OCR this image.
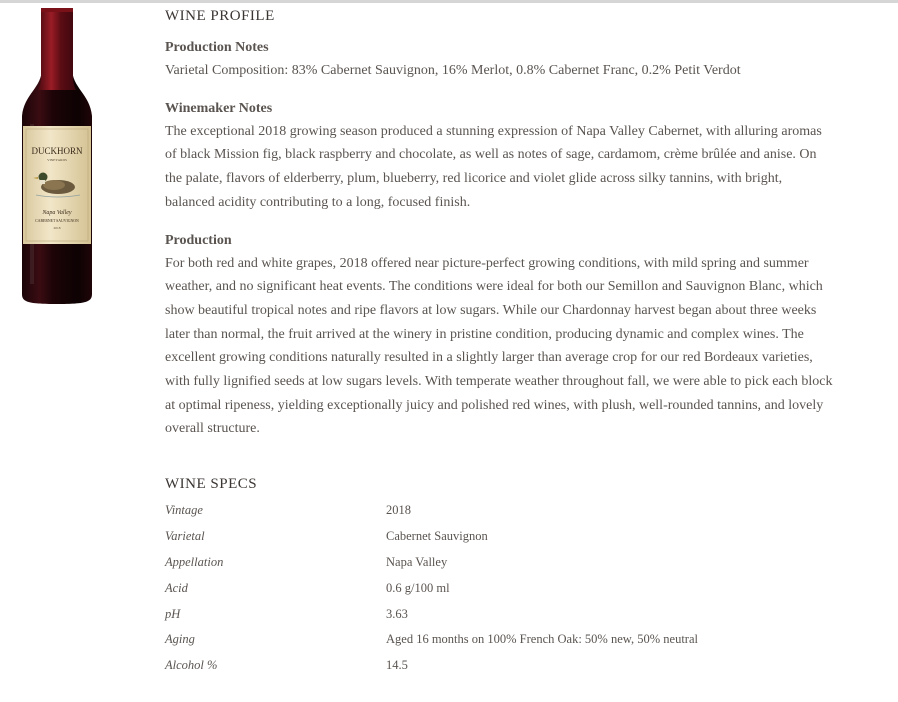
DUCKHORN
VINEYARDS
Napa Valley
CABERNET SAUVIGNON
2018
WINE PROFILE
Production Notes

Varietal Composition: 83% Cabernet Sauvignon, 16% Merlot, 0.8% Cabernet Franc, 0.2% Petit Verdot

Winemaker Notes

The exceptional 2018 growing season produced a stunning expression of Napa Valley Cabernet, with alluring aromas of black Mission fig, black raspberry and chocolate, as well as notes of sage, cardamom, crème brûlée and anise. On the palate, flavors of elderberry, plum, blueberry, red licorice and violet glide across silky tannins, with bright, balanced acidity contributing to a long, focused finish.

Production

For both red and white grapes, 2018 offered near picture-perfect growing conditions, with mild spring and summer weather, and no significant heat events. The conditions were ideal for both our Semillon and Sauvignon Blanc, which show beautiful tropical notes and ripe flavors at low sugars. While our Chardonnay harvest began about three weeks later than normal, the fruit arrived at the winery in pristine condition, producing dynamic and complex wines. The excellent growing conditions naturally resulted in a slightly larger than average crop for our red Bordeaux varieties, with fully lignified seeds at low sugars levels. With temperate weather throughout fall, we were able to pick each block at optimal ripeness, yielding exceptionally juicy and polished red wines, with plush, well-rounded tannins, and lovely overall structure.

WINE SPECS
Vintage	2018
Varietal	Cabernet Sauvignon
Appellation	Napa Valley
Acid	0.6 g/100 ml
pH	3.63
Aging	Aged 16 months on 100% French Oak: 50% new, 50% neutral
Alcohol %	14.5
